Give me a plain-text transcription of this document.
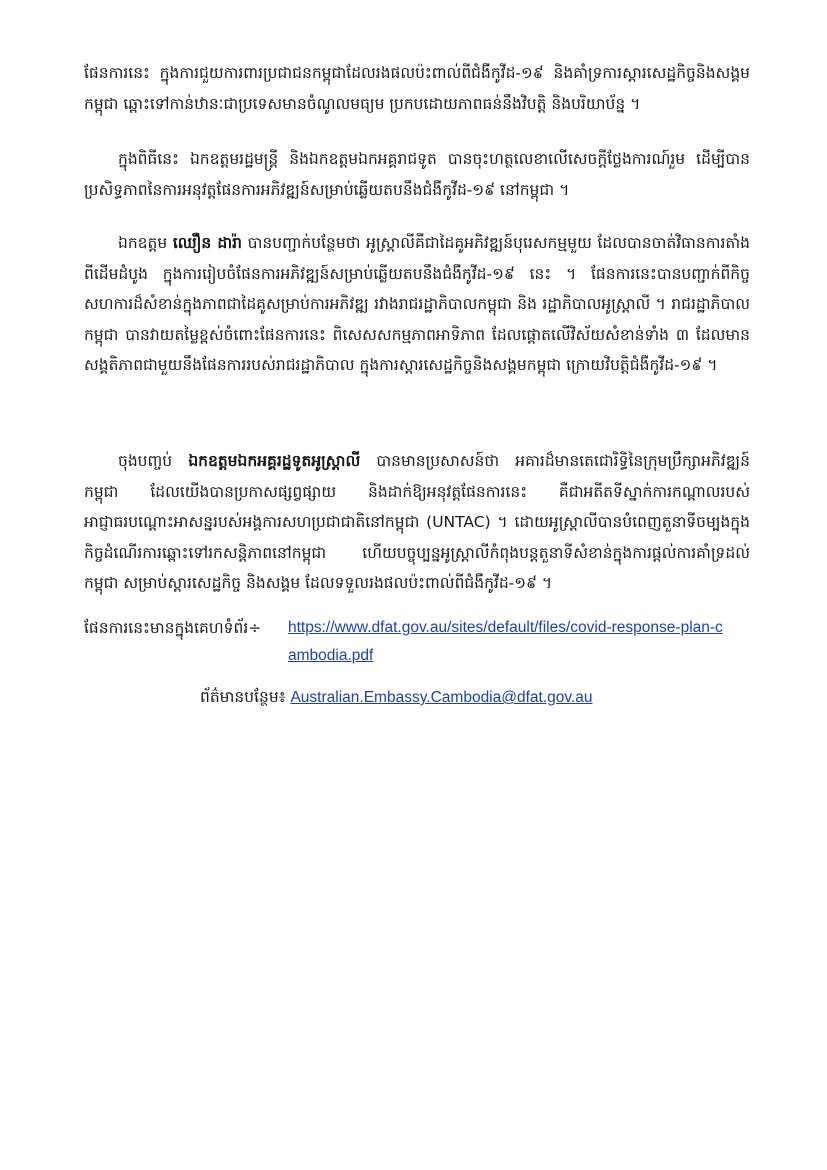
ផែនការនេះ ក្នុងការជួយការពារប្រជាជនកម្ពុជាដែលរងផលប៉ះពាល់ពីជំងឺកូវីដ-១៩ និងគាំទ្រការស្តារសេដ្ឋកិច្ចនិងសង្គមកម្ពុជា ឆ្ពោះទៅកាន់ឋានៈជាប្រទេសមានចំណូលមធ្យម ប្រកបដោយភាពធន់នឹងវិបត្តិ និងបរិយាប័ន្ន ។

ក្នុងពិធីនេះ ឯកឧត្តមរដ្ឋមន្ត្រី និងឯកឧត្តមឯកអគ្គរាជទូត បានចុះហត្ថលេខាលើសេចក្តីថ្លែងការណ៍រួម ដើម្បីបានប្រសិទ្ធភាពនៃការអនុវត្តផែនការអភិវឌ្ឍន៍សម្រាប់ឆ្លើយតបនឹងជំងឺកូវីដ-១៩ នៅកម្ពុជា ។

ឯកឧត្តម ឈឿន ដារ៉ា បានបញ្ជាក់បន្ថែមថា អូស្ត្រាលីគឺជាដៃគូអភិវឌ្ឍន៍បុរេសកម្មមួយ ដែលបានចាត់វិធានការតាំងពីដើមដំបូង ក្នុងការរៀបចំផែនការអភិវឌ្ឍន៍សម្រាប់ឆ្លើយតបនឹងជំងឺកូវីដ-១៩ នេះ ។ ផែនការនេះបានបញ្ជាក់ពីកិច្ចសហការដ៏សំខាន់ក្នុងភាពជាដៃគូសម្រាប់ការអភិវឌ្ឍ រវាងរាជរដ្ឋាភិបាលកម្ពុជា និង រដ្ឋាភិបាលអូស្ត្រាលី ។ រាជរដ្ឋាភិបាលកម្ពុជា បានវាយតម្លៃខ្ពស់ចំពោះផែនការនេះ ពិសេសសកម្មភាពអាទិភាព ដែលផ្តោតលើវិស័យសំខាន់ទាំង ៣ ដែលមានសង្គតិភាពជាមួយនឹងផែនការរបស់រាជរដ្ឋាភិបាល ក្នុងការស្តារសេដ្ឋកិច្ចនិងសង្គមកម្ពុជា ក្រោយវិបត្តិជំងឺកូវីដ-១៩ ។

ចុងបញ្ចប់ ឯកឧត្តមឯកអគ្គរដ្ឋទូតអូស្ត្រាលី បានមានប្រសាសន៍ថា អគារដ៏មានតេជោរិទ្ធិនៃក្រុមប្រឹក្សាអភិវឌ្ឍន៍កម្ពុជា ដែលយើងបានប្រកាសផ្សព្វផ្សាយ និងដាក់ឱ្យអនុវត្តផែនការនេះ គឺជាអតីតទីស្នាក់ការកណ្តាលរបស់អាជ្ញាធរបណ្តោះអាសន្នរបស់អង្គការសហប្រជាជាតិនៅកម្ពុជា (UNTAC) ។ ដោយអូស្ត្រាលីបានបំពេញតួនាទីចម្បងក្នុងកិច្ចដំណើរការឆ្ពោះទៅរកសន្តិភាពនៅកម្ពុជា ហើយបច្ចុប្បន្នអូស្ត្រាលីកំពុងបន្តតួនាទីសំខាន់ក្នុងការផ្តល់ការគាំទ្រដល់កម្ពុជា សម្រាប់ស្តារសេដ្ឋកិច្ច និងសង្គម ដែលទទួលរងផលប៉ះពាល់ពីជំងឺកូវីដ-១៩ ។

ផែនការនេះមានក្នុងគេហទំព័រ÷ https://www.dfat.gov.au/sites/default/files/covid-response-plan-cambodia.pdf
ព័ត៌មានបន្ថែម៖ Australian.Embassy.Cambodia@dfat.gov.au
